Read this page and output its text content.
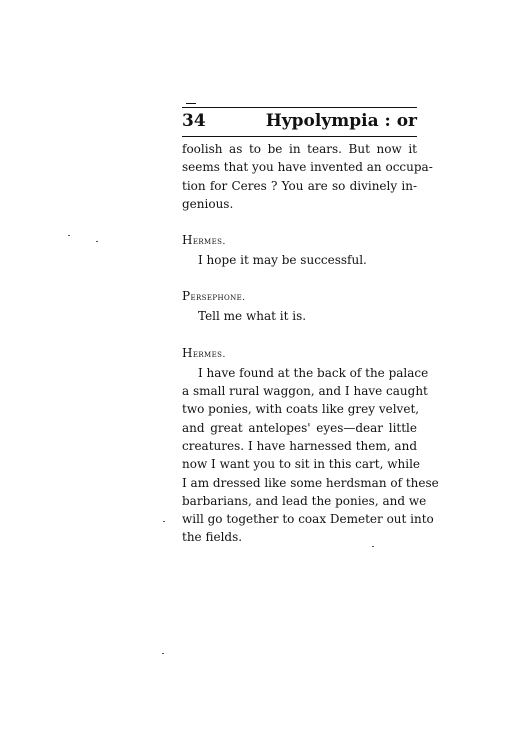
34	Hypolympia : or
foolish as to be in tears. But now it
seems that you have invented an occupa-
tion for Ceres ? You are so divinely in-
genious.
Hermes.
I hope it may be successful.
Persephone.
Tell me what it is.
Hermes.
I have found at the back of the palace
a small rural waggon, and I have caught
two ponies, with coats like grey velvet,
and great antelopes' eyes—dear little
creatures. I have harnessed them, and
now I want you to sit in this cart, while
I am dressed like some herdsman of these
barbarians, and lead the ponies, and we
will go together to coax Demeter out into
the fields.
